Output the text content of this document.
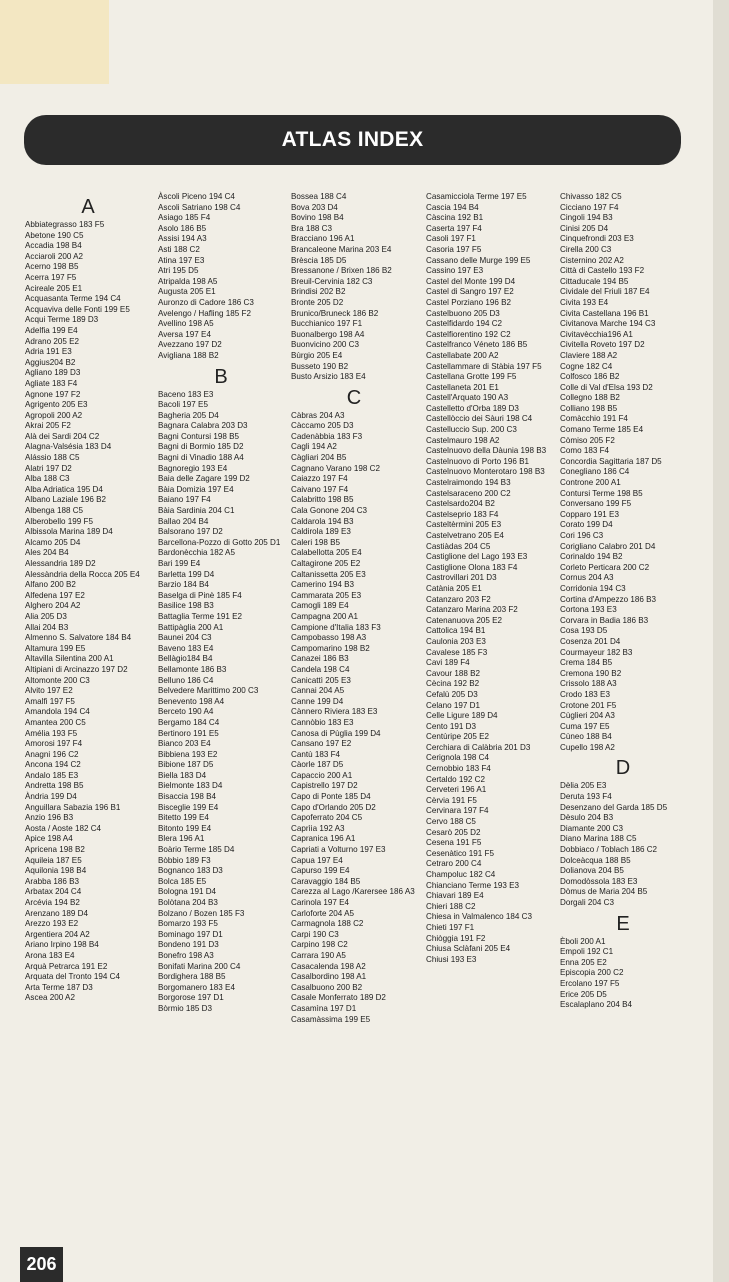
ATLAS INDEX
A
Abbiategrasso 183 F5
Abetone 190 C5
Accadia 198 B4
Acciaroli 200 A2
Acerno 198 B5
Acerra 197 F5
Acireale 205 E1
Acquasanta Terme 194 C4
Acquaviva delle Fonti 199 E5
Acqui Terme 189 D3
Adelfia 199 E4
Adrano 205 E2
Adria 191 E3
Aggius204 B2
Agliano 189 D3
Agliate 183 F4
Agnone 197 F2
Agrigento 205 E3
Agropoli 200 A2
Akrai 205 F2
Alà dei Sardi 204 C2
Alagna-Valsésia 183 D4
Alássio 188 C5
Alatri 197 D2
Alba 188 C3
Alba Adriatica 195 D4
Albano Laziale 196 B2
Albenga 188 C5
Alberobello 199 F5
Albissola Marina 189 D4
Alcamo 205 D4
Ales 204 B4
Alessandria 189 D2
Alessàndria della Rocca 205 E4
Alfano 200 B2
Alfedena 197 E2
Alghero 204 A2
Alia 205 D3
Allai 204 B3
Almenno S. Salvatore 184 B4
Altamura 199 E5
Altavilla Silentina 200 A1
Altipiani di Arcinazzo 197 D2
Altomonte 200 C3
Alvito 197 E2
Amalfi 197 F5
Amandola 194 C4
Amantea 200 C5
Amélia 193 F5
Amorosi 197 F4
Anagni 196 C2
Ancona 194 C2
Andalo 185 E3
Andretta 198 B5
Àndria 199 D4
Anguillara Sabazia 196 B1
Anzio 196 B3
Aosta / Aoste 182 C4
Apice 198 A4
Apricena 198 B2
Aquileia 187 E5
Aquilonia 198 B4
Arabba 186 B3
Arbatax 204 C4
Arcévia 194 B2
Arenzano 189 D4
Arezzo 193 E2
Argentiera 204 A2
Ariano Irpino 198 B4
Arona 183 E4
Arquà Petrarca 191 E2
Arquata del Tronto 194 C4
Arta Terme 187 D3
Ascea 200 A2
Àscoli Piceno 194 C4
Ascoli Satriano 198 C4
Asiago 185 F4
Asolo 186 B5
Assisi 194 A3
Asti 188 C2
Atina 197 E3
Atri 195 D5
Atripalda 198 A5
Augusta 205 E1
Auronzo di Cadore 186 C3
Avelengo / Hafling 185 F2
Avellino 198 A5
Aversa 197 E4
Avezzano 197 D2
Avigliana 188 B2
B
Baceno 183 E3
Bacoli 197 E5
Bagheria 205 D4
Bagnara Calabra 203 D3
Bagni Contursi 198 B5
Bagni di Bormio 185 D2
Bagni di Vinadio 188 A4
Bagnoregio 193 E4
Baia delle Zagare 199 D2
Bàia Domizia 197 E4
Baiano 197 F4
Bàia Sardinia 204 C1
Ballao 204 B4
Balsorano 197 D2
Barcellona-Pozzo di Gotto 205 D1
Bardonècchia 182 A5
Bari 199 E4
Barletta 199 D4
Barzio 184 B4
Baselga di Pinè 185 F4
Basilice 198 B3
Battaglia Terme 191 E2
Battipàglia 200 A1
Baunei 204 C3
Baveno 183 E4
Bellàgio184 B4
Bellamonte 186 B3
Belluno 186 C4
Belvedere Marittimo 200 C3
Benevento 198 A4
Berceto 190 A4
Bergamo 184 C4
Bertinoro 191 E5
Bianco 203 E4
Bibbiena 193 E2
Bibione 187 D5
Biella 183 D4
Bielmonte 183 D4
Bisaccia 198 B4
Bisceglie 199 E4
Bitetto 199 E4
Bitonto 199 E4
Blera 196 A1
Boàrio Terme 185 D4
Bòbbio 189 F3
Bognanco 183 D3
Bolca 185 E5
Bologna 191 D4
Bolòtana 204 B3
Bolzano / Bozen 185 F3
Bomarzo 193 F5
Bominago 197 D1
Bondeno 191 D3
Bonefro 198 A3
Bonifati Marina 200 C4
Bordighera 188 B5
Borgomanero 183 E4
Borgorose 197 D1
Bòrmio 185 D3
Bossea 188 C4
Bova 203 D4
Bovino 198 B4
Bra 188 C3
Bracciano 196 A1
Brancaleone Marina 203 E4
Brèscia 185 D5
Bressanone / Brixen 186 B2
Breuil-Cervinia 182 C3
Brindisi 202 B2
Bronte 205 D2
Brunico/Bruneck 186 B2
Bucchianico 197 F1
Buonalbergo 198 A4
Buonvicino 200 C3
Bùrgio 205 E4
Busseto 190 B2
Busto Arsizio 183 E4
C
Càbras 204 A3
Càccamo 205 D3
Cadenàbbia 183 F3
Cagli 194 A2
Càgliari 204 B5
Cagnano Varano 198 C2
Caiazzo 197 F4
Caivano 197 F4
Calabritto 198 B5
Cala Gonone 204 C3
Caldarola 194 B3
Caldirola 189 E3
Caleri 198 B5
Calabellotta 205 E4
Caltagirone 205 E2
Caltanissetta 205 E3
Camerino 194 B3
Cammarata 205 E3
Camogli 189 E4
Campagna 200 A1
Campione d'Italia 183 F3
Campobasso 198 A3
Campomarino 198 B2
Canazei 186 B3
Candela 198 C4
Canicattì 205 E3
Cannai 204 A5
Canne 199 D4
Cànnero Riviera 183 E3
Cannòbio 183 E3
Canosa di Pùglia 199 D4
Cansano 197 E2
Cantù 183 F4
Càorle 187 D5
Capaccio 200 A1
Capistrello 197 D2
Capo di Ponte 185 D4
Capo d'Orlando 205 D2
Capoferrato 204 C5
Caprìia 192 A3
Capranica 196 A1
Capriati a Volturno 197 E3
Capua 197 E4
Capurso 199 E4
Caravaggio 184 B5
Carezza al Lago /Karersee 186 A3
Carinola 197 E4
Carloforte 204 A5
Carmagnola 188 C2
Carpi 190 C3
Carpino 198 C2
Carrara 190 A5
Casacalenda 198 A2
Casalbordino 198 A1
Casalbuono 200 B2
Casale Monferrato 189 D2
Casamìna 197 D1
Casamàssima 199 E5
Casamicciola Terme 197 E5
Cascia 194 B4
Càscina 192 B1
Caserta 197 F4
Casoli 197 F1
Casoria 197 F5
Cassano delle Murge 199 E5
Cassino 197 E3
Castel del Monte 199 D4
Castel di Sangro 197 E2
Castel Porziano 196 B2
Castelbuono 205 D3
Castelfidardo 194 C2
Castelfiorentino 192 C2
Castelfranco Véneto 186 B5
Castellabate 200 A2
Castellammare di Stàbia 197 F5
Castellana Grotte 199 F5
Castellaneta 201 E1
Castell'Arquato 190 A3
Castelletto d'Orba 189 D3
Castellòccio dei Sàuri 198 C4
Castelluccio Sup. 200 C3
Castelmauro 198 A2
Castelnuovo della Dàunia 198 B3
Castelnuovo di Porto 196 B1
Castelnuovo Monterotaro 198 B3
Castelraimondo 194 B3
Castelsaraceno 200 C2
Castelsardo204 B2
Castelseprio 183 F4
Casteltèrmini 205 E3
Castelvetrano 205 E4
Castiàdas 204 C5
Castiglione del Lago 193 E3
Castiglione Olona 183 F4
Castrovillari 201 D3
Catània 205 E1
Catanzaro 203 F2
Catanzaro Marina 203 F2
Catenanuova 205 E2
Cattolica 194 B1
Caulonia 203 E3
Cavalese 185 F3
Cavi 189 F4
Cavour 188 B2
Cècina 192 B2
Cefalù 205 D3
Celano 197 D1
Celle Ligure 189 D4
Cento 191 D3
Centùripe 205 E2
Cerchiara di Calàbria 201 D3
Cerignola 198 C4
Cernobbio 183 F4
Certaldo 192 C2
Cerveteri 196 A1
Cèrvia 191 F5
Cervinara 197 F4
Cervo 188 C5
Cesarò 205 D2
Cesena 191 F5
Cesenàtico 191 F5
Cetraro 200 C4
Champoluc 182 C4
Chianciano Terme 193 E3
Chiavari 189 E4
Chieri 188 C2
Chiesa in Valmalenco 184 C3
Chieti 197 F1
Chiòggia 191 F2
Chiusa Sclàfani 205 E4
Chiusi 193 E3
Chivasso 182 C5
Cicciano 197 F4
Cingoli 194 B3
Cinisi 205 D4
Cinquefrondi 203 E3
Cirella 200 C3
Cisternino 202 A2
Città di Castello 193 F2
Cittaducale 194 B5
Cividale del Friuli 187 E4
Civita 193 E4
Civita Castellana 196 B1
Civitanova Marche 194 C3
Civitavècchia196 A1
Civitella Roveto 197 D2
Claviere 188 A2
Cogne 182 C4
Colfosco 186 B2
Colle di Val d'Elsa 193 D2
Collegno 188 B2
Colliano 198 B5
Comàcchio 191 F4
Comano Terme 185 E4
Còmiso 205 F2
Como 183 F4
Concordia Sagittaria 187 D5
Conegliano 186 C4
Controne 200 A1
Contursi Terme 198 B5
Conversano 199 F5
Copparo 191 E3
Corato 199 D4
Cori 196 C3
Corigliano Calabro 201 D4
Corinaldo 194 B2
Corleto Perticara 200 C2
Cornus 204 A3
Corridonia 194 C3
Cortina d'Ampezzo 186 B3
Cortona 193 E3
Corvara in Badia 186 B3
Cosa 193 D5
Cosenza 201 D4
Courmayeur 182 B3
Crema 184 B5
Cremona 190 B2
Crissolo 188 A3
Crodo 183 E3
Crotone 201 F5
Cùglieri 204 A3
Cuma 197 E5
Cùneo 188 B4
Cupello 198 A2
D
Dèlia 205 E3
Deruta 193 F4
Desenzano del Garda 185 D5
Dèsulo 204 B3
Diamante 200 C3
Diano Marina 188 C5
Dobbiaco / Toblach 186 C2
Dolceàcqua 188 B5
Dolianova 204 B5
Domodòssola 183 E3
Dòmus de Maria 204 B5
Dorgali 204 C3
E
Èboli 200 A1
Empoli 192 C1
Enna 205 E2
Episcopia 200 C2
Ercolano 197 F5
Erice 205 D5
Escalaplano 204 B4
206
